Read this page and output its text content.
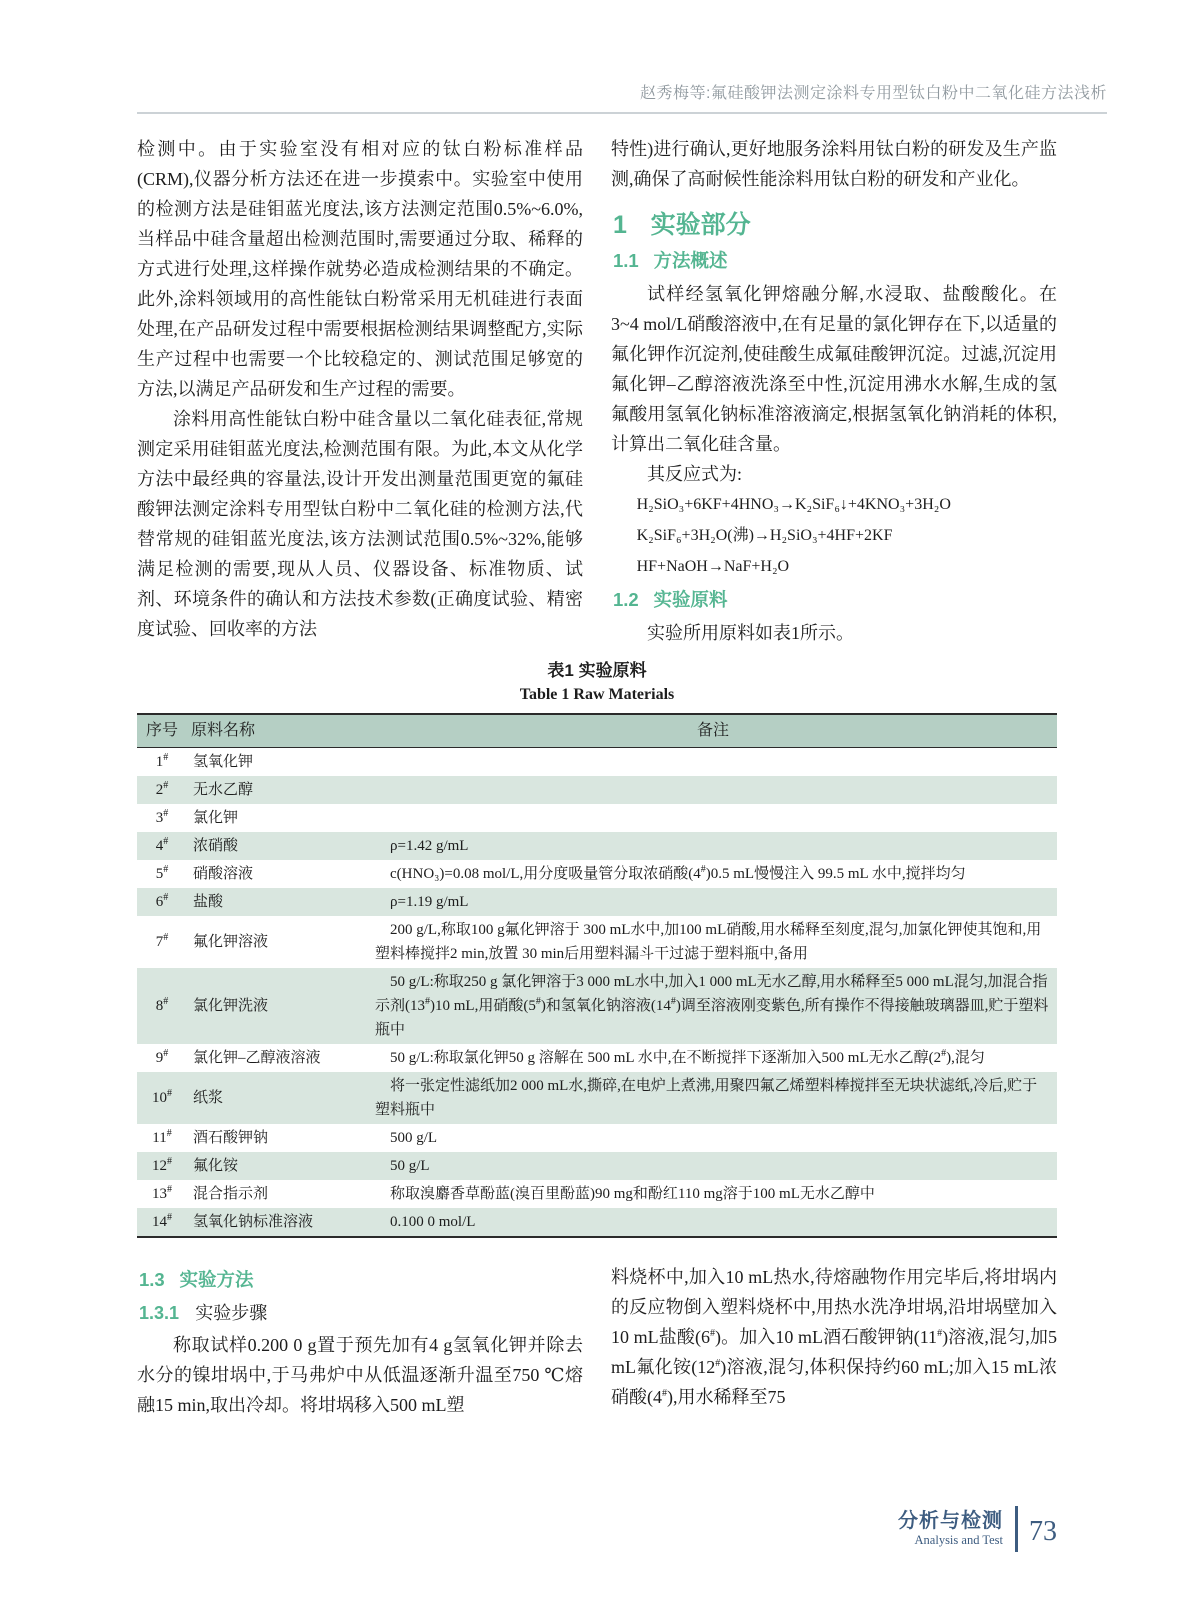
赵秀梅等:氟硅酸钾法测定涂料专用型钛白粉中二氧化硅方法浅析

检测中。由于实验室没有相对应的钛白粉标准样品(CRM),仪器分析方法还在进一步摸索中。实验室中使用的检测方法是硅钼蓝光度法,该方法测定范围0.5%~6.0%,当样品中硅含量超出检测范围时,需要通过分取、稀释的方式进行处理,这样操作就势必造成检测结果的不确定。此外,涂料领域用的高性能钛白粉常采用无机硅进行表面处理,在产品研发过程中需要根据检测结果调整配方,实际生产过程中也需要一个比较稳定的、测试范围足够宽的方法,以满足产品研发和生产过程的需要。

涂料用高性能钛白粉中硅含量以二氧化硅表征,常规测定采用硅钼蓝光度法,检测范围有限。为此,本文从化学方法中最经典的容量法,设计开发出测量范围更宽的氟硅酸钾法测定涂料专用型钛白粉中二氧化硅的检测方法,代替常规的硅钼蓝光度法,该方法测试范围0.5%~32%,能够满足检测的需要,现从人员、仪器设备、标准物质、试剂、环境条件的确认和方法技术参数(正确度试验、精密度试验、回收率的方法

特性)进行确认,更好地服务涂料用钛白粉的研发及生产监测,确保了高耐候性能涂料用钛白粉的研发和产业化。

1 实验部分
1.1 方法概述

试样经氢氧化钾熔融分解,水浸取、盐酸酸化。在3~4 mol/L硝酸溶液中,在有足量的氯化钾存在下,以适量的氟化钾作沉淀剂,使硅酸生成氟硅酸钾沉淀。过滤,沉淀用氟化钾–乙醇溶液洗涤至中性,沉淀用沸水水解,生成的氢氟酸用氢氧化钠标准溶液滴定,根据氢氧化钠消耗的体积,计算出二氧化硅含量。

其反应式为:

H₂SiO₃+6KF+4HNO₃→K₂SiF₆↓+4KNO₃+3H₂O
K₂SiF₆+3H₂O(沸)→H₂SiO₃+4HF+2KF
HF+NaOH→NaF+H₂O
1.2 实验原料

实验所用原料如表1所示。

表1 实验原料
Table 1 Raw Materials
序号	原料名称	备注
1#	氢氧化钾	
2#	无水乙醇	
3#	氯化钾	
4#	浓硝酸	ρ=1.42 g/mL
5#	硝酸溶液	c(HNO₃)=0.08 mol/L,用分度吸量管分取浓硝酸(4#)0.5 mL慢慢注入 99.5 mL 水中,搅拌均匀
6#	盐酸	ρ=1.19 g/mL
7#	氟化钾溶液	200 g/L,称取100 g氟化钾溶于 300 mL水中,加100 mL硝酸,用水稀释至刻度,混匀,加氯化钾使其饱和,用塑料棒搅拌2 min,放置 30 min后用塑料漏斗干过滤于塑料瓶中,备用
8#	氯化钾洗液	50 g/L:称取250 g 氯化钾溶于3 000 mL水中,加入1 000 mL无水乙醇,用水稀释至5 000 mL混匀,加混合指示剂(13#)10 mL,用硝酸(5#)和氢氧化钠溶液(14#)调至溶液刚变紫色,所有操作不得接触玻璃器皿,贮于塑料瓶中
9#	氯化钾–乙醇液溶液	50 g/L:称取氯化钾50 g 溶解在 500 mL 水中,在不断搅拌下逐渐加入500 mL无水乙醇(2#),混匀
10#	纸浆	将一张定性滤纸加2 000 mL水,撕碎,在电炉上煮沸,用聚四氟乙烯塑料棒搅拌至无块状滤纸,冷后,贮于塑料瓶中
11#	酒石酸钾钠	500 g/L
12#	氟化铵	50 g/L
13#	混合指示剂	称取溴麝香草酚蓝(溴百里酚蓝)90 mg和酚红110 mg溶于100 mL无水乙醇中
14#	氢氧化钠标准溶液	0.100 0 mol/L
1.3 实验方法
1.3.1 实验步骤

称取试样0.200 0 g置于预先加有4 g氢氧化钾并除去水分的镍坩埚中,于马弗炉中从低温逐渐升温至750 ℃熔融15 min,取出冷却。将坩埚移入500 mL塑

料烧杯中,加入10 mL热水,待熔融物作用完毕后,将坩埚内的反应物倒入塑料烧杯中,用热水洗净坩埚,沿坩埚壁加入10 mL盐酸(6#)。加入10 mL酒石酸钾钠(11#)溶液,混匀,加5 mL氟化铵(12#)溶液,混匀,体积保持约60 mL;加入15 mL浓硝酸(4#),用水稀释至75

分析与检测
Analysis and Test 73
